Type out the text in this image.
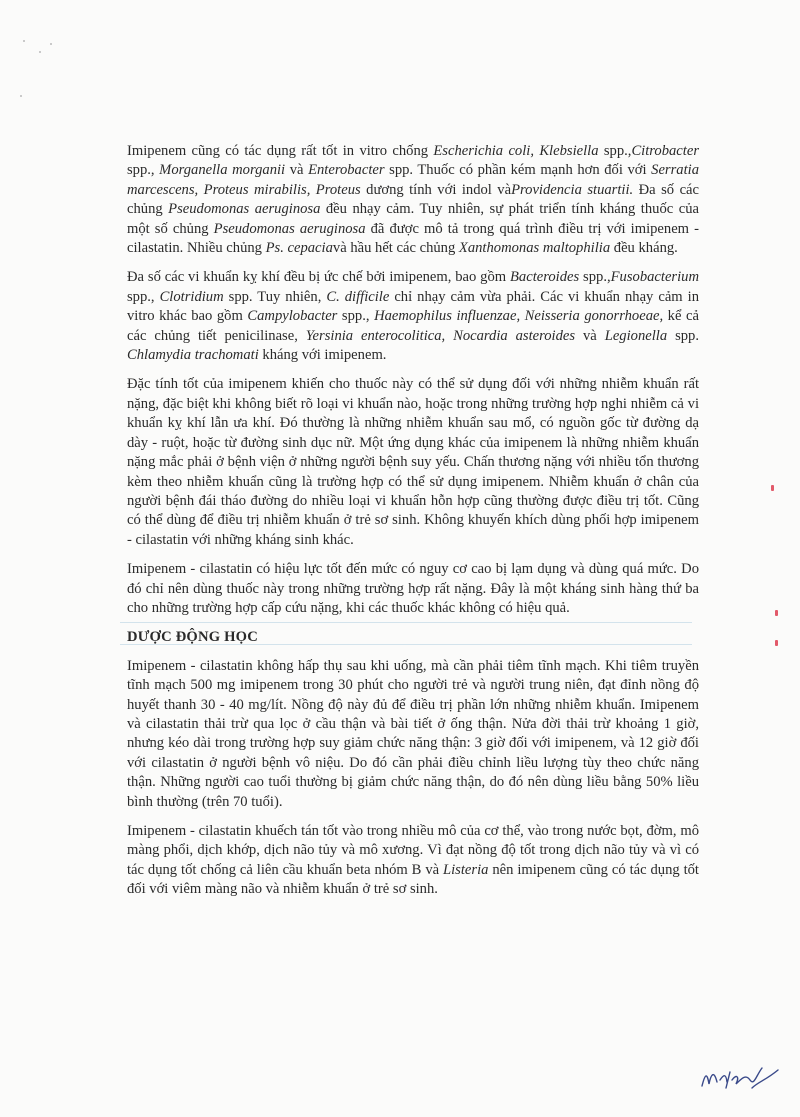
Imipenem cũng có tác dụng rất tốt in vitro chống Escherichia coli, Klebsiella spp.,Citrobacter spp., Morganella morganii và Enterobacter spp. Thuốc có phần kém mạnh hơn đối với Serratia marcescens, Proteus mirabilis, Proteus dương tính với indol vàProvidencia stuartii. Đa số các chủng Pseudomonas aeruginosa đều nhạy cảm. Tuy nhiên, sự phát triển tính kháng thuốc của một số chủng Pseudomonas aeruginosa đã được mô tả trong quá trình điều trị với imipenem - cilastatin. Nhiều chủng Ps. cepaciavà hầu hết các chủng Xanthomonas maltophilia đều kháng.

Đa số các vi khuẩn kỵ khí đều bị ức chế bởi imipenem, bao gồm Bacteroides spp.,Fusobacterium spp., Clotridium spp. Tuy nhiên, C. difficile chỉ nhạy cảm vừa phải. Các vi khuẩn nhạy cảm in vitro khác bao gồm Campylobacter spp., Haemophilus influenzae, Neisseria gonorrhoeae, kể cả các chủng tiết penicilinase, Yersinia enterocolitica, Nocardia asteroides và Legionella spp. Chlamydia trachomati kháng với imipenem.

Đặc tính tốt của imipenem khiến cho thuốc này có thể sử dụng đối với những nhiễm khuẩn rất nặng, đặc biệt khi không biết rõ loại vi khuẩn nào, hoặc trong những trường hợp nghi nhiễm cả vi khuẩn kỵ khí lẫn ưa khí. Đó thường là những nhiễm khuẩn sau mổ, có nguồn gốc từ đường dạ dày - ruột, hoặc từ đường sinh dục nữ. Một ứng dụng khác của imipenem là những nhiễm khuẩn nặng mắc phải ở bệnh viện ở những người bệnh suy yếu. Chấn thương nặng với nhiều tổn thương kèm theo nhiễm khuẩn cũng là trường hợp có thể sử dụng imipenem. Nhiễm khuẩn ở chân của người bệnh đái tháo đường do nhiều loại vi khuẩn hỗn hợp cũng thường được điều trị tốt. Cũng có thể dùng để điều trị nhiễm khuẩn ở trẻ sơ sinh. Không khuyến khích dùng phối hợp imipenem - cilastatin với những kháng sinh khác.

Imipenem - cilastatin có hiệu lực tốt đến mức có nguy cơ cao bị lạm dụng và dùng quá mức. Do đó chỉ nên dùng thuốc này trong những trường hợp rất nặng. Đây là một kháng sinh hàng thứ ba cho những trường hợp cấp cứu nặng, khi các thuốc khác không có hiệu quả.

DƯỢC ĐỘNG HỌC

Imipenem - cilastatin không hấp thụ sau khi uống, mà cần phải tiêm tĩnh mạch. Khi tiêm truyền tĩnh mạch 500 mg imipenem trong 30 phút cho người trẻ và người trung niên, đạt đỉnh nồng độ huyết thanh 30 - 40 mg/lít. Nồng độ này đủ để điều trị phần lớn những nhiễm khuẩn. Imipenem và cilastatin thải trừ qua lọc ở cầu thận và bài tiết ở ống thận. Nửa đời thải trừ khoảng 1 giờ, nhưng kéo dài trong trường hợp suy giảm chức năng thận: 3 giờ đối với imipenem, và 12 giờ đối với cilastatin ở người bệnh vô niệu. Do đó cần phải điều chỉnh liều lượng tùy theo chức năng thận. Những người cao tuổi thường bị giảm chức năng thận, do đó nên dùng liều bằng 50% liều bình thường (trên 70 tuổi).

Imipenem - cilastatin khuếch tán tốt vào trong nhiều mô của cơ thể, vào trong nước bọt, đờm, mô màng phổi, dịch khớp, dịch não tủy và mô xương. Vì đạt nồng độ tốt trong dịch não tủy và vì có tác dụng tốt chống cả liên cầu khuẩn beta nhóm B và Listeria nên imipenem cũng có tác dụng tốt đối với viêm màng não và nhiễm khuẩn ở trẻ sơ sinh.
